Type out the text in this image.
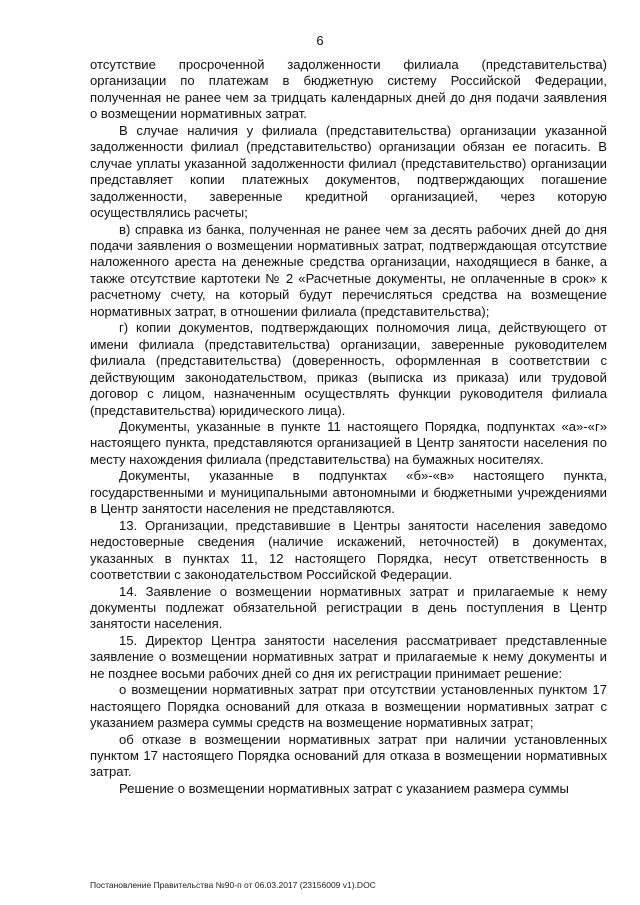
6

отсутствие просроченной задолженности филиала (представительства) организации по платежам в бюджетную систему Российской Федерации, полученная не ранее чем за тридцать календарных дней до дня подачи заявления о возмещении нормативных затрат.

В случае наличия у филиала (представительства) организации указанной задолженности филиал (представительство) организации обязан ее погасить. В случае уплаты указанной задолженности филиал (представительство) организации представляет копии платежных документов, подтверждающих погашение задолженности, заверенные кредитной организацией, через которую осуществлялись расчеты;

в) справка из банка, полученная не ранее чем за десять рабочих дней до дня подачи заявления о возмещении нормативных затрат, подтверждающая отсутствие наложенного ареста на денежные средства организации, находящиеся в банке, а также отсутствие картотеки № 2 «Расчетные документы, не оплаченные в срок» к расчетному счету, на который будут перечисляться средства на возмещение нормативных затрат, в отношении филиала (представительства);

г) копии документов, подтверждающих полномочия лица, действующего от имени филиала (представительства) организации, заверенные руководителем филиала (представительства) (доверенность, оформленная в соответствии с действующим законодательством, приказ (выписка из приказа) или трудовой договор с лицом, назначенным осуществлять функции руководителя филиала (представительства) юридического лица).

Документы, указанные в пункте 11 настоящего Порядка, подпунктах «а»-«г» настоящего пункта, представляются организацией в Центр занятости населения по месту нахождения филиала (представительства) на бумажных носителях.

Документы, указанные в подпунктах «б»-«в» настоящего пункта, государственными и муниципальными автономными и бюджетными учреждениями в Центр занятости населения не представляются.

13. Организации, представившие в Центры занятости населения заведомо недостоверные сведения (наличие искажений, неточностей) в документах, указанных в пунктах 11, 12 настоящего Порядка, несут ответственность в соответствии с законодательством Российской Федерации.

14. Заявление о возмещении нормативных затрат и прилагаемые к нему документы подлежат обязательной регистрации в день поступления в Центр занятости населения.

15. Директор Центра занятости населения рассматривает представленные заявление о возмещении нормативных затрат и прилагаемые к нему документы и не позднее восьми рабочих дней со дня их регистрации принимает решение:

о возмещении нормативных затрат при отсутствии установленных пунктом 17 настоящего Порядка оснований для отказа в возмещении нормативных затрат с указанием размера суммы средств на возмещение нормативных затрат;

об отказе в возмещении нормативных затрат при наличии установленных пунктом 17 настоящего Порядка оснований для отказа в возмещении нормативных затрат.

Решение о возмещении нормативных затрат с указанием размера суммы

Постановление Правительства №90-п от 06.03.2017 (23156009 v1).DOC
